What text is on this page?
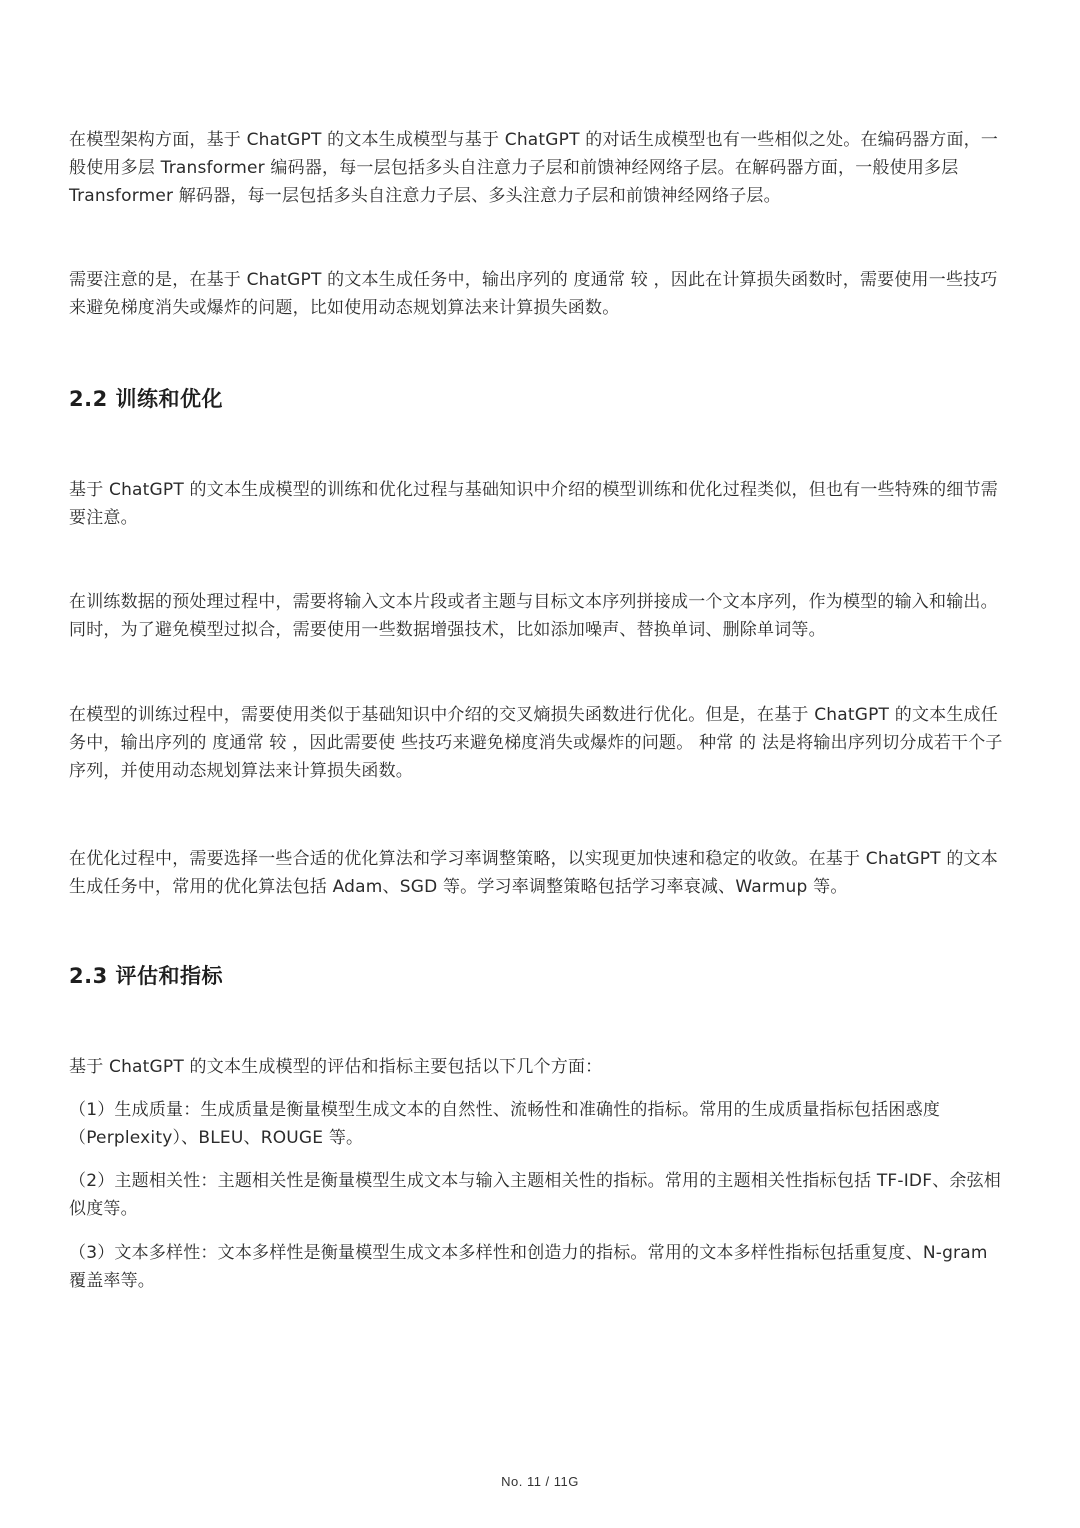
在模型架构方面，基于 ChatGPT 的文本生成模型与基于 ChatGPT 的对话生成模型也有一些相似之处。在编码器方面，一般使用多层 Transformer 编码器，每一层包括多头自注意力子层和前馈神经网络子层。在解码器方面，一般使用多层 Transformer 解码器，每一层包括多头自注意力子层、多头注意力子层和前馈神经网络子层。

需要注意的是，在基于 ChatGPT 的文本生成任务中，输出序列的 度通常 较 ，因此在计算损失函数时，需要使用一些技巧来避免梯度消失或爆炸的问题，比如使用动态规划算法来计算损失函数。

2.2 训练和优化

基于 ChatGPT 的文本生成模型的训练和优化过程与基础知识中介绍的模型训练和优化过程类似，但也有一些特殊的细节需要注意。

在训练数据的预处理过程中，需要将输入文本片段或者主题与目标文本序列拼接成一个文本序列，作为模型的输入和输出。同时，为了避免模型过拟合，需要使用一些数据增强技术，比如添加噪声、替换单词、删除单词等。

在模型的训练过程中，需要使用类似于基础知识中介绍的交叉熵损失函数进行优化。但是，在基于 ChatGPT 的文本生成任务中，输出序列的 度通常 较 ，因此需要使 些技巧来避免梯度消失或爆炸的问题。 种常 的 法是将输出序列切分成若干个子序列，并使用动态规划算法来计算损失函数。

在优化过程中，需要选择一些合适的优化算法和学习率调整策略，以实现更加快速和稳定的收敛。在基于 ChatGPT 的文本生成任务中，常用的优化算法包括 Adam、SGD 等。学习率调整策略包括学习率衰减、Warmup 等。

2.3 评估和指标

基于 ChatGPT 的文本生成模型的评估和指标主要包括以下几个方面：

（1）生成质量：生成质量是衡量模型生成文本的自然性、流畅性和准确性的指标。常用的生成质量指标包括困惑度（Perplexity）、BLEU、ROUGE 等。

（2）主题相关性：主题相关性是衡量模型生成文本与输入主题相关性的指标。常用的主题相关性指标包括 TF-IDF、余弦相似度等。

（3）文本多样性：文本多样性是衡量模型生成文本多样性和创造力的指标。常用的文本多样性指标包括重复度、N-gram 覆盖率等。

No. 11 / 11G
